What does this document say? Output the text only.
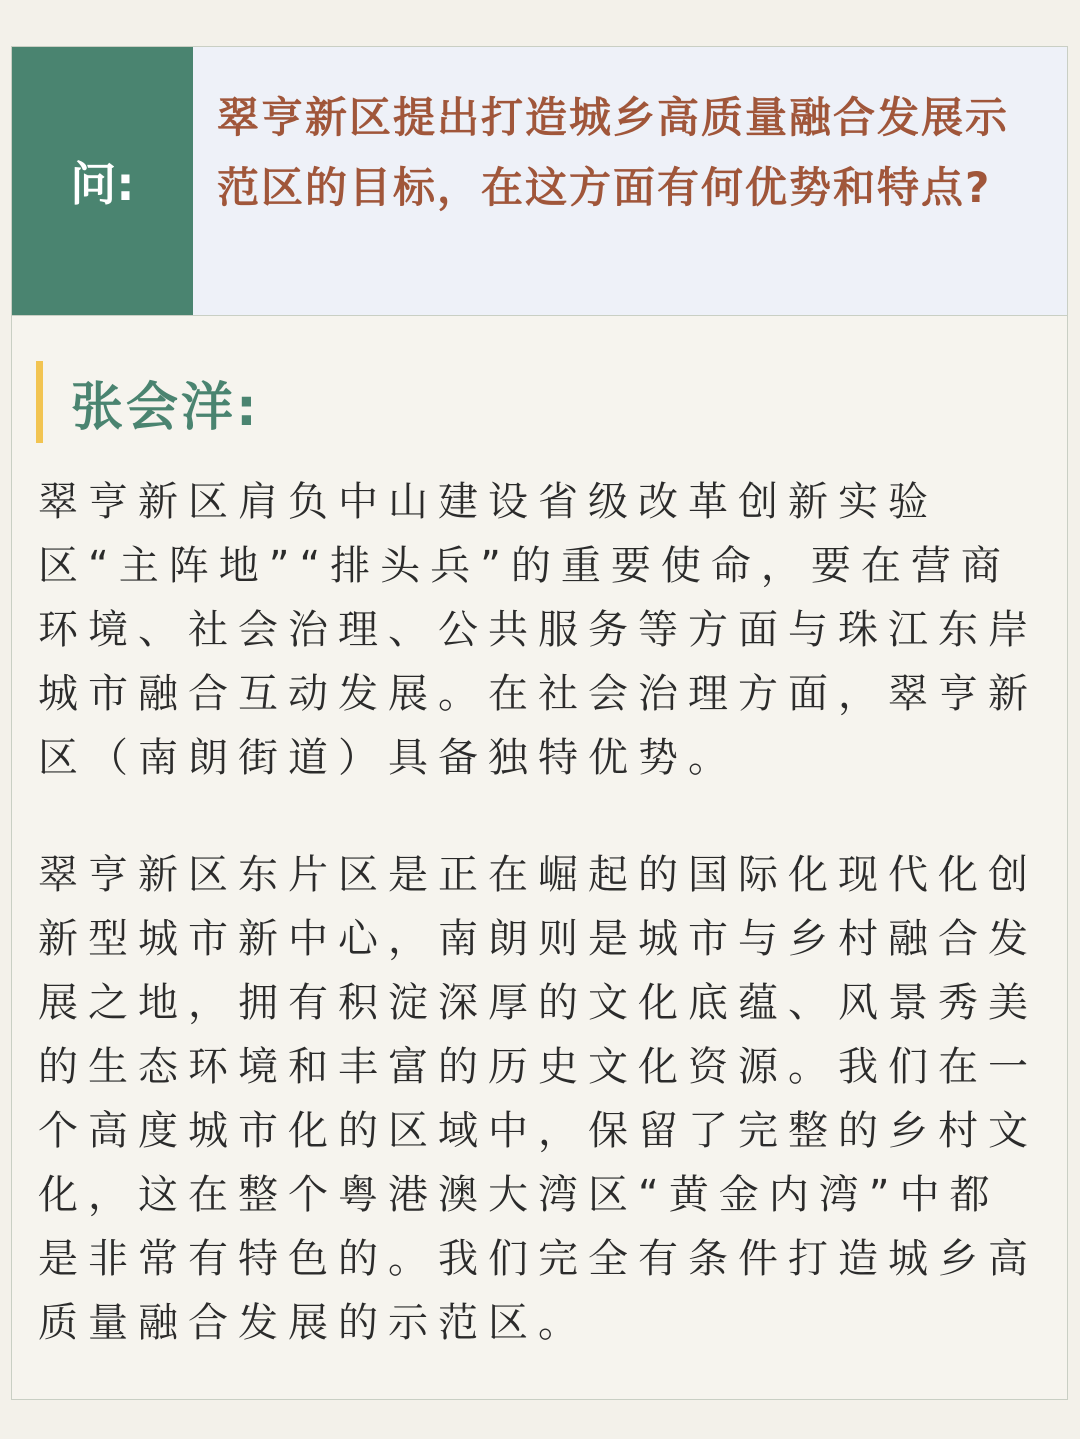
问:
翠亨新区提出打造城乡高质量融合发展示范区的目标，在这方面有何优势和特点?
张会洋:
翠亨新区肩负中山建设省级改革创新实验区“主阵地”“排头兵”的重要使命，要在营商环境、社会治理、公共服务等方面与珠江东岸城市融合互动发展。在社会治理方面，翠亨新区（南朗街道）具备独特优势。
翠亨新区东片区是正在崛起的国际化现代化创新型城市新中心，南朗则是城市与乡村融合发展之地，拥有积淀深厚的文化底蕴、风景秀美的生态环境和丰富的历史文化资源。我们在一个高度城市化的区域中，保留了完整的乡村文化，这在整个粤港澳大湾区“黄金内湾”中都是非常有特色的。我们完全有条件打造城乡高质量融合发展的示范区。
